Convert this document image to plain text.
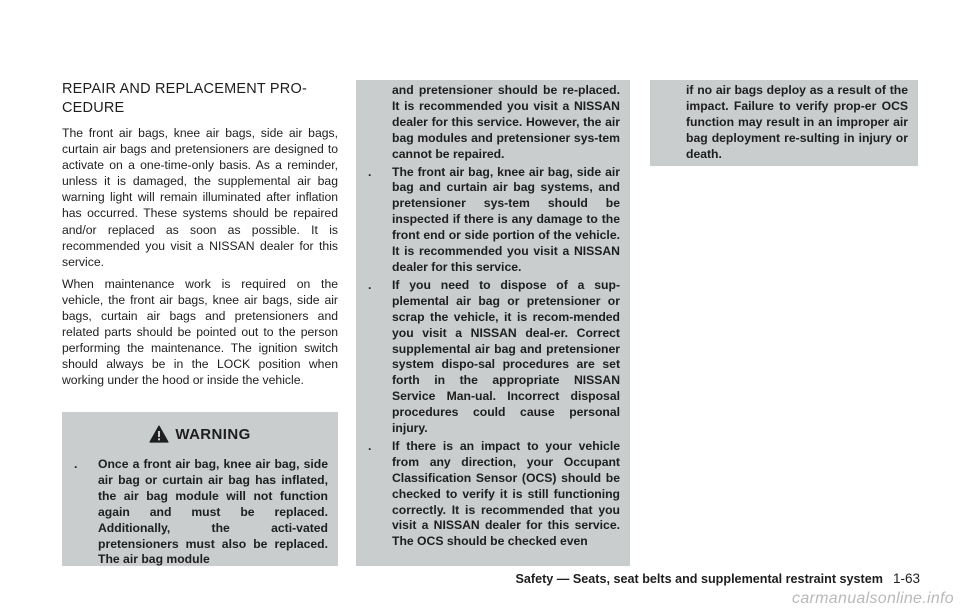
REPAIR AND REPLACEMENT PRO-CEDURE

The front air bags, knee air bags, side air bags, curtain air bags and pretensioners are designed to activate on a one-time-only basis. As a reminder, unless it is damaged, the supplemental air bag warning light will remain illuminated after inflation has occurred. These systems should be repaired and/or replaced as soon as possible. It is recommended you visit a NISSAN dealer for this service.

When maintenance work is required on the vehicle, the front air bags, knee air bags, side air bags, curtain air bags and pretensioners and related parts should be pointed out to the person performing the maintenance. The ignition switch should always be in the LOCK position when working under the hood or inside the vehicle.

WARNING
. Once a front air bag, knee air bag, side air bag or curtain air bag has inflated, the air bag module will not function again and must be replaced. Additionally, the acti-vated pretensioners must also be replaced. The air bag module

and pretensioner should be re-placed. It is recommended you visit a NISSAN dealer for this service. However, the air bag modules and pretensioner sys-tem cannot be repaired.

. The front air bag, knee air bag, side air bag and curtain air bag systems, and pretensioner sys-tem should be inspected if there is any damage to the front end or side portion of the vehicle. It is recommended you visit a NISSAN dealer for this service.
. If you need to dispose of a sup-plemental air bag or pretensioner or scrap the vehicle, it is recom-mended you visit a NISSAN deal-er. Correct supplemental air bag and pretensioner system dispo-sal procedures are set forth in the appropriate NISSAN Service Man-ual. Incorrect disposal procedures could cause personal injury.
. If there is an impact to your vehicle from any direction, your Occupant Classification Sensor (OCS) should be checked to verify it is still functioning correctly. It is recommended that you visit a NISSAN dealer for this service. The OCS should be checked even

if no air bags deploy as a result of the impact. Failure to verify prop-er OCS function may result in an improper air bag deployment re-sulting in injury or death.

Safety — Seats, seat belts and supplemental restraint system 1-63
carmanualsonline.info
